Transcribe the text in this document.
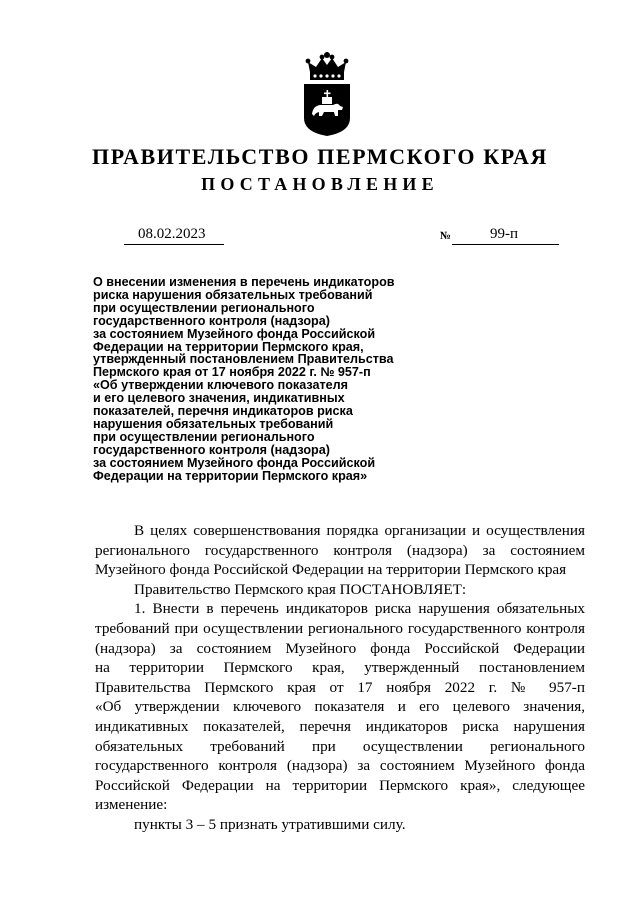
ПРАВИТЕЛЬСТВО ПЕРМСКОГО КРАЯ
ПОСТАНОВЛЕНИЕ
08.02.2023	№	99-п
О внесении изменения в перечень индикаторов
риска нарушения обязательных требований
при осуществлении регионального
государственного контроля (надзора)
за состоянием Музейного фонда Российской
Федерации на территории Пермского края,
утвержденный постановлением Правительства
Пермского края от 17 ноября 2022 г. № 957-п
«Об утверждении ключевого показателя
и его целевого значения, индикативных
показателей, перечня индикаторов риска
нарушения обязательных требований
при осуществлении регионального
государственного контроля (надзора)
за состоянием Музейного фонда Российской
Федерации на территории Пермского края»
В целях совершенствования порядка организации и осуществления
регионального государственного контроля (надзора) за состоянием
Музейного фонда Российской Федерации на территории Пермского края
Правительство Пермского края ПОСТАНОВЛЯЕТ:
1. Внести в перечень индикаторов риска нарушения обязательных
требований при осуществлении регионального государственного контроля
(надзора) за состоянием Музейного фонда Российской Федерации
на территории Пермского края, утвержденный постановлением
Правительства Пермского края от 17 ноября 2022 г. № 957-п
«Об утверждении ключевого показателя и его целевого значения,
индикативных показателей, перечня индикаторов риска нарушения
обязательных требований при осуществлении регионального
государственного контроля (надзора) за состоянием Музейного фонда
Российской Федерации на территории Пермского края», следующее
изменение:
пункты 3 – 5 признать утратившими силу.
